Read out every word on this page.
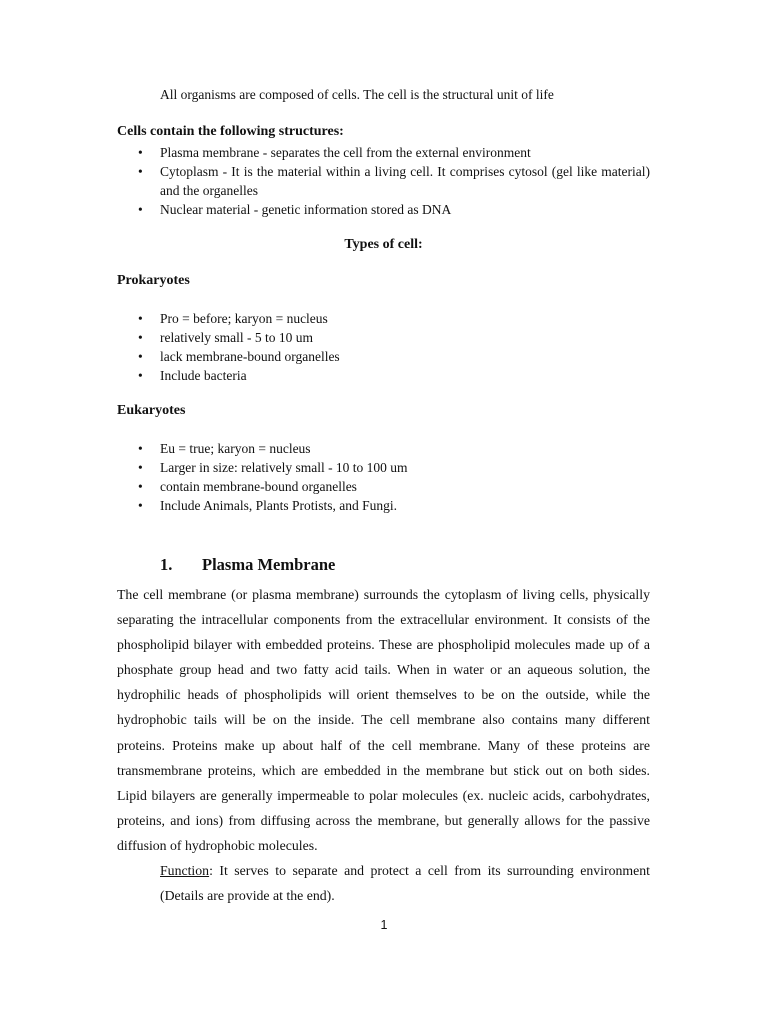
All organisms are composed of cells. The cell is the structural unit of life

Cells contain the following structures:

• Plasma membrane - separates the cell from the external environment
• Cytoplasm - It is the material within a living cell. It comprises cytosol (gel like material) and the organelles
• Nuclear material - genetic information stored as DNA

Types of cell:

Prokaryotes

• Pro = before; karyon = nucleus
• relatively small - 5 to 10 um
• lack membrane-bound organelles
• Include bacteria

Eukaryotes

• Eu = true; karyon = nucleus
• Larger in size: relatively small - 10 to 100 um
• contain membrane-bound organelles
• Include Animals, Plants Protists, and Fungi.

1. Plasma Membrane

The cell membrane (or plasma membrane) surrounds the cytoplasm of living cells, physically separating the intracellular components from the extracellular environment. It consists of the phospholipid bilayer with embedded proteins. These are phospholipid molecules made up of a phosphate group head and two fatty acid tails. When in water or an aqueous solution, the hydrophilic heads of phospholipids will orient themselves to be on the outside, while the hydrophobic tails will be on the inside. The cell membrane also contains many different proteins. Proteins make up about half of the cell membrane. Many of these proteins are transmembrane proteins, which are embedded in the membrane but stick out on both sides. Lipid bilayers are generally impermeable to polar molecules (ex. nucleic acids, carbohydrates, proteins, and ions) from diffusing across the membrane, but generally allows for the passive diffusion of hydrophobic molecules.

Function: It serves to separate and protect a cell from its surrounding environment (Details are provide at the end).

1
